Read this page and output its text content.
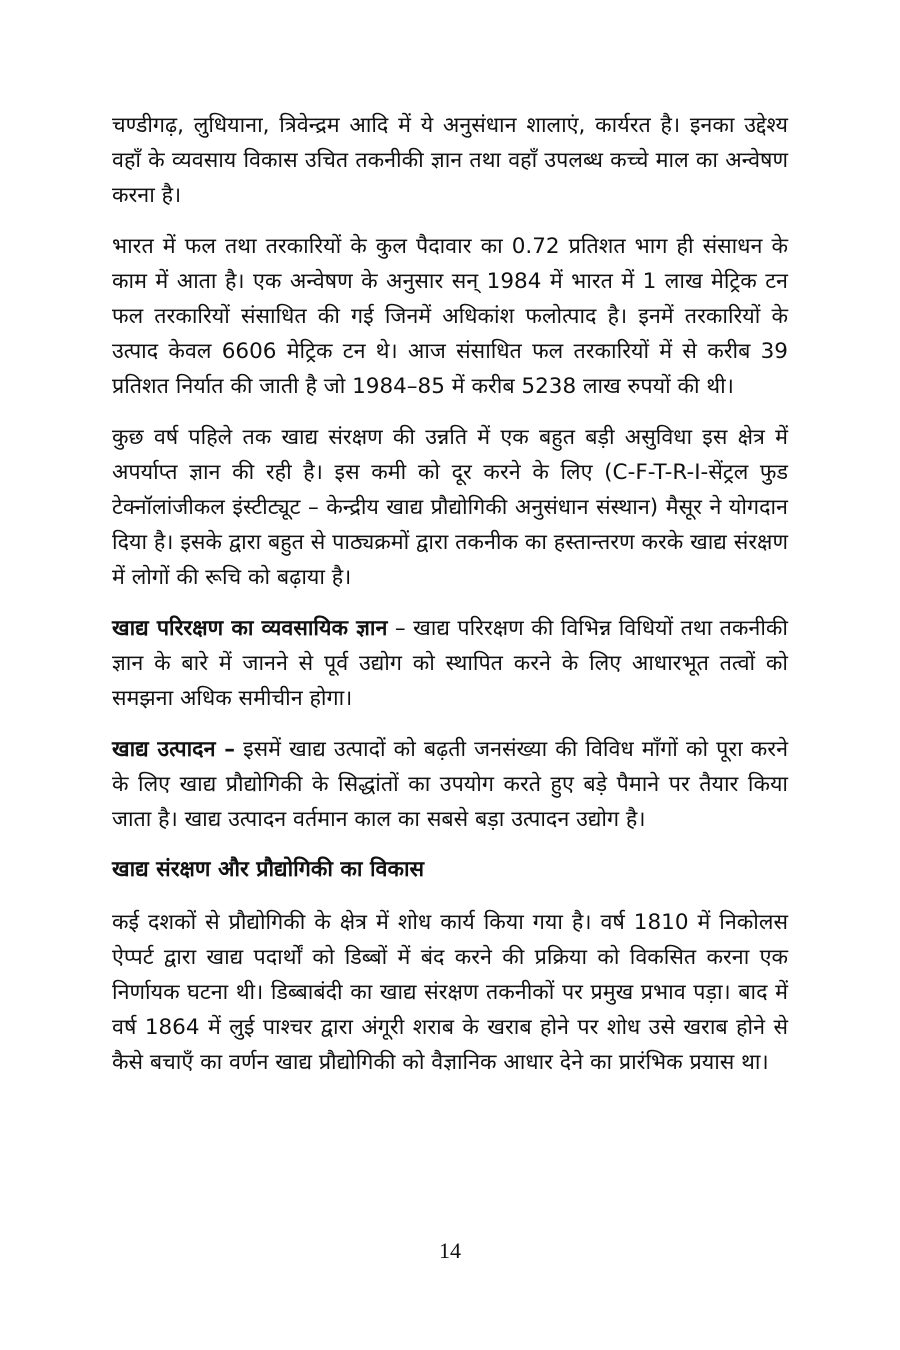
चण्डीगढ़, लुधियाना, त्रिवेन्द्रम आदि में ये अनुसंधान शालाएं, कार्यरत है। इनका उद्देश्य वहाँ के व्यवसाय विकास उचित तकनीकी ज्ञान तथा वहाँ उपलब्ध कच्चे माल का अन्वेषण करना है।

भारत में फल तथा तरकारियों के कुल पैदावार का 0.72 प्रतिशत भाग ही संसाधन के काम में आता है। एक अन्वेषण के अनुसार सन् 1984 में भारत में 1 लाख मेट्रिक टन फल तरकारियों संसाधित की गई जिनमें अधिकांश फलोत्पाद है। इनमें तरकारियों के उत्पाद केवल 6606 मेट्रिक टन थे। आज संसाधित फल तरकारियों में से करीब 39 प्रतिशत निर्यात की जाती है जो 1984–85 में करीब 5238 लाख रुपयों की थी।

कुछ वर्ष पहिले तक खाद्य संरक्षण की उन्नति में एक बहुत बड़ी असुविधा इस क्षेत्र में अपर्याप्त ज्ञान की रही है। इस कमी को दूर करने के लिए (C-F-T-R-I-सेंट्रल फुड टेक्नॉलांजीकल इंस्टीट्यूट – केन्द्रीय खाद्य प्रौद्योगिकी अनुसंधान संस्थान) मैसूर ने योगदान दिया है। इसके द्वारा बहुत से पाठ्यक्रमों द्वारा तकनीक का हस्तान्तरण करके खाद्य संरक्षण में लोगों की रूचि को बढ़ाया है।

खाद्य परिरक्षण का व्यवसायिक ज्ञान – खाद्य परिरक्षण की विभिन्न विधियों तथा तकनीकी ज्ञान के बारे में जानने से पूर्व उद्योग को स्थापित करने के लिए आधारभूत तत्वों को समझना अधिक समीचीन होगा।

खाद्य उत्पादन – इसमें खाद्य उत्पादों को बढ़ती जनसंख्या की विविध माँगों को पूरा करने के लिए खाद्य प्रौद्योगिकी के सिद्धांतों का उपयोग करते हुए बड़े पैमाने पर तैयार किया जाता है। खाद्य उत्पादन वर्तमान काल का सबसे बड़ा उत्पादन उद्योग है।

खाद्य संरक्षण और प्रौद्योगिकी का विकास

कई दशकों से प्रौद्योगिकी के क्षेत्र में शोध कार्य किया गया है। वर्ष 1810 में निकोलस ऐप्पर्ट द्वारा खाद्य पदार्थों को डिब्बों में बंद करने की प्रक्रिया को विकसित करना एक निर्णायक घटना थी। डिब्बाबंदी का खाद्य संरक्षण तकनीकों पर प्रमुख प्रभाव पड़ा। बाद में वर्ष 1864 में लुई पाश्चर द्वारा अंगूरी शराब के खराब होने पर शोध उसे खराब होने से कैसे बचाएँ का वर्णन खाद्य प्रौद्योगिकी को वैज्ञानिक आधार देने का प्रारंभिक प्रयास था।

14
